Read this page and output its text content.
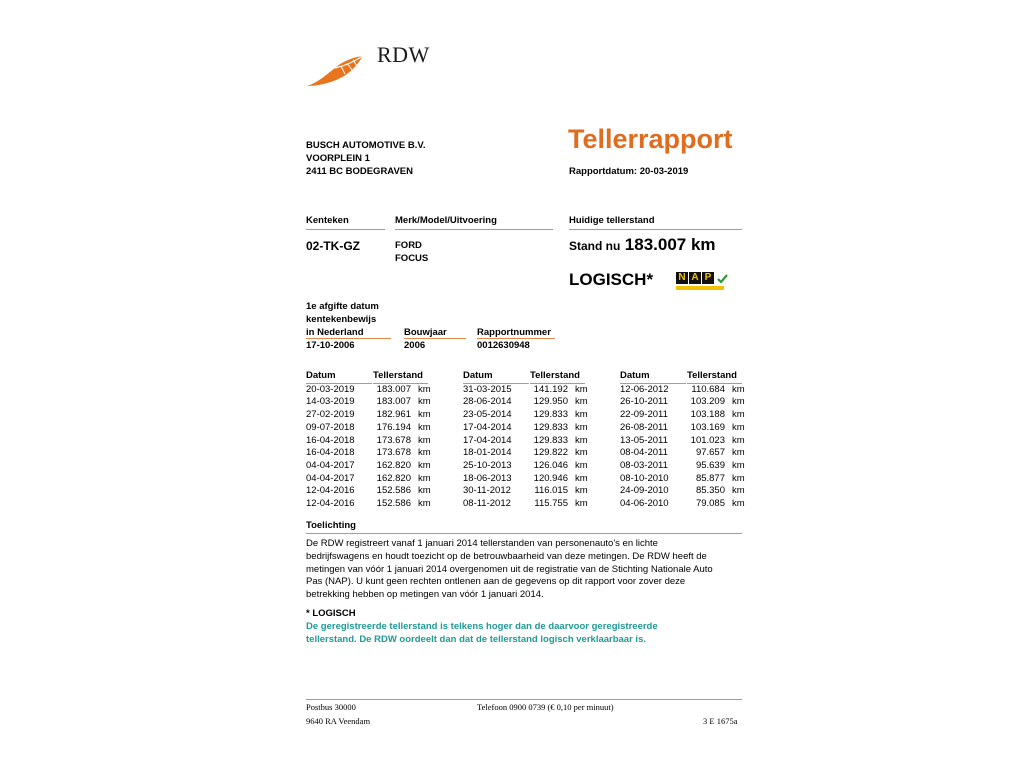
RDW
BUSCH AUTOMOTIVE B.V.
VOORPLEIN 1
2411 BC BODEGRAVEN
Tellerrapport
Rapportdatum: 20-03-2019
Kenteken
02-TK-GZ
Merk/Model/Uitvoering
FORD
FOCUS
Huidige tellerstand
Stand nu 183.007 km
LOGISCH*	N A P
1e afgifte datum
kentekenbewijs
in Nederland
17-10-2006
Bouwjaar
2006
Rapportnummer
0012630948
Datum	Tellerstand
20-03-2019	183.007 km
14-03-2019	183.007 km
27-02-2019	182.961 km
09-07-2018	176.194 km
16-04-2018	173.678 km
16-04-2018	173.678 km
04-04-2017	162.820 km
04-04-2017	162.820 km
12-04-2016	152.586 km
12-04-2016	152.586 km
Datum	Tellerstand
31-03-2015	141.192 km
28-06-2014	129.950 km
23-05-2014	129.833 km
17-04-2014	129.833 km
17-04-2014	129.833 km
18-01-2014	129.822 km
25-10-2013	126.046 km
18-06-2013	120.946 km
30-11-2012	116.015 km
08-11-2012	115.755 km
Datum	Tellerstand
12-06-2012	110.684 km
26-10-2011	103.209 km
22-09-2011	103.188 km
26-08-2011	103.169 km
13-05-2011	101.023 km
08-04-2011	97.657 km
08-03-2011	95.639 km
08-10-2010	85.877 km
24-09-2010	85.350 km
04-06-2010	79.085 km
Toelichting
De RDW registreert vanaf 1 januari 2014 tellerstanden van personenauto's en lichte
bedrijfswagens en houdt toezicht op de betrouwbaarheid van deze metingen. De RDW heeft de
metingen van vóór 1 januari 2014 overgenomen uit de registratie van de Stichting Nationale Auto
Pas (NAP). U kunt geen rechten ontlenen aan de gegevens op dit rapport voor zover deze
betrekking hebben op metingen van vóór 1 januari 2014.
* LOGISCH
De geregistreerde tellerstand is telkens hoger dan de daarvoor geregistreerde
tellerstand. De RDW oordeelt dan dat de tellerstand logisch verklaarbaar is.
Postbus 30000
9640 RA Veendam
Telefoon 0900 0739 (€ 0,10 per minuut)
3 E 1675a
